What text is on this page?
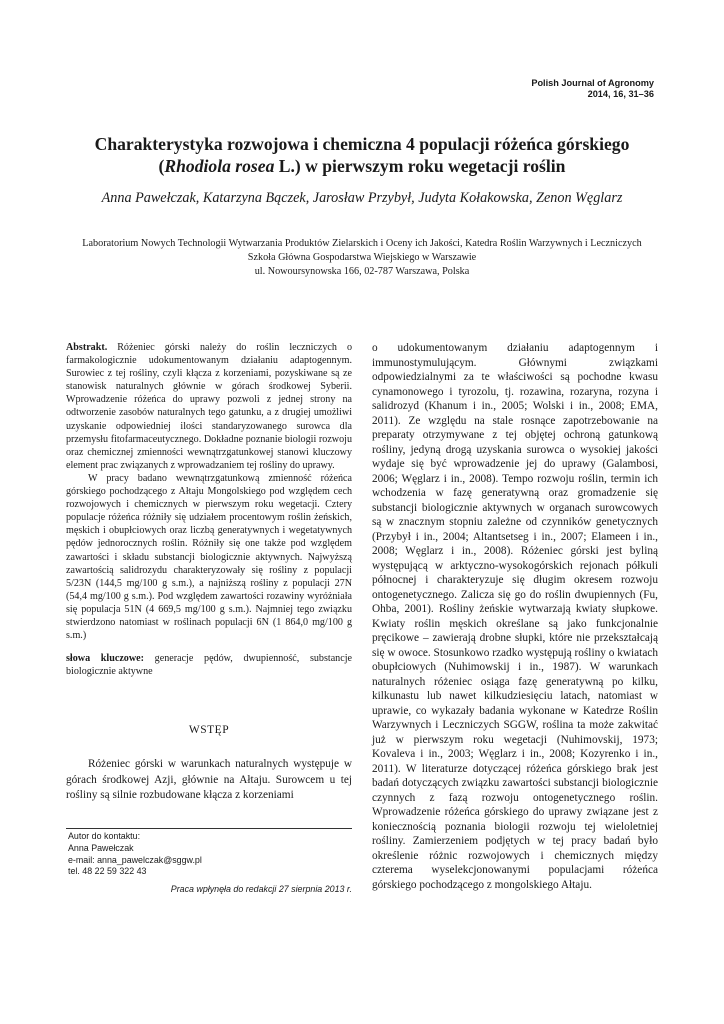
Polish Journal of Agronomy
2014, 16, 31–36
Charakterystyka rozwojowa i chemiczna 4 populacji różeńca górskiego
(Rhodiola rosea L.) w pierwszym roku wegetacji roślin
Anna Pawełczak, Katarzyna Bączek, Jarosław Przybył, Judyta Kołakowska, Zenon Węglarz
Laboratorium Nowych Technologii Wytwarzania Produktów Zielarskich i Oceny ich Jakości, Katedra Roślin Warzywnych i Leczniczych
Szkoła Główna Gospodarstwa Wiejskiego w Warszawie
ul. Nowoursynowska 166, 02-787 Warszawa, Polska

Abstrakt. Różeniec górski należy do roślin leczniczych o farmakologicznie udokumentowanym działaniu adaptogennym. Surowiec z tej rośliny, czyli kłącza z korzeniami, pozyskiwane są ze stanowisk naturalnych głównie w górach środkowej Syberii. Wprowadzenie różeńca do uprawy pozwoli z jednej strony na odtworzenie zasobów naturalnych tego gatunku, a z drugiej umożliwi uzyskanie odpowiedniej ilości standaryzowanego surowca dla przemysłu fitofarmaceutycznego. Dokładne poznanie biologii rozwoju oraz chemicznej zmienności wewnątrzgatunkowej stanowi kluczowy element prac związanych z wprowadzaniem tej rośliny do uprawy.

W pracy badano wewnątrzgatunkową zmienność różeńca górskiego pochodzącego z Ałtaju Mongolskiego pod względem cech rozwojowych i chemicznych w pierwszym roku wegetacji. Cztery populacje różeńca różniły się udziałem procentowym roślin żeńskich, męskich i obupłciowych oraz liczbą generatywnych i wegetatywnych pędów jednorocznych roślin. Różniły się one także pod względem zawartości i składu substancji biologicznie aktywnych. Najwyższą zawartością salidrozydu charakteryzowały się rośliny z populacji 5/23N (144,5 mg/100 g s.m.), a najniższą rośliny z populacji 27N (54,4 mg/100 g s.m.). Pod względem zawartości rozawiny wyróżniała się populacja 51N (4 669,5 mg/100 g s.m.). Najmniej tego związku stwierdzono natomiast w roślinach populacji 6N (1 864,0 mg/100 g s.m.)

słowa kluczowe: generacje pędów, dwupienność, substancje biologicznie aktywne

WSTĘP
Różeniec górski w warunkach naturalnych występuje w górach środkowej Azji, głównie na Ałtaju. Surowcem u tej rośliny są silnie rozbudowane kłącza z korzeniami

o udokumentowanym działaniu adaptogennym i immunostymulującym. Głównymi związkami odpowiedzialnymi za te właściwości są pochodne kwasu cynamonowego i tyrozolu, tj. rozawina, rozaryna, rozyna i salidrozyd (Khanum i in., 2005; Wolski i in., 2008; EMA, 2011). Ze względu na stale rosnące zapotrzebowanie na preparaty otrzymywane z tej objętej ochroną gatunkową rośliny, jedyną drogą uzyskania surowca o wysokiej jakości wydaje się być wprowadzenie jej do uprawy (Galambosi, 2006; Węglarz i in., 2008). Tempo rozwoju roślin, termin ich wchodzenia w fazę generatywną oraz gromadzenie się substancji biologicznie aktywnych w organach surowcowych są w znacznym stopniu zależne od czynników genetycznych (Przybył i in., 2004; Altantsetseg i in., 2007; Elameen i in., 2008; Węglarz i in., 2008). Różeniec górski jest byliną występującą w arktyczno-wysokogórskich rejonach półkuli północnej i charakteryzuje się długim okresem rozwoju ontogenetycznego. Zalicza się go do roślin dwupiennych (Fu, Ohba, 2001). Rośliny żeńskie wytwarzają kwiaty słupkowe. Kwiaty roślin męskich określane są jako funkcjonalnie pręcikowe – zawierają drobne słupki, które nie przekształcają się w owoce. Stosunkowo rzadko występują rośliny o kwiatach obupłciowych (Nuhimowskij i in., 1987). W warunkach naturalnych różeniec osiąga fazę generatywną po kilku, kilkunastu lub nawet kilkudziesięciu latach, natomiast w uprawie, co wykazały badania wykonane w Katedrze Roślin Warzywnych i Leczniczych SGGW, roślina ta może zakwitać już w pierwszym roku wegetacji (Nuhimovskij, 1973; Kovaleva i in., 2003; Węglarz i in., 2008; Kozyrenko i in., 2011). W literaturze dotyczącej różeńca górskiego brak jest badań dotyczących związku zawartości substancji biologicznie czynnych z fazą rozwoju ontogenetycznego roślin. Wprowadzenie różeńca górskiego do uprawy związane jest z koniecznością poznania biologii rozwoju tej wieloletniej rośliny. Zamierzeniem podjętych w tej pracy badań było określenie różnic rozwojowych i chemicznych między czterema wyselekcjonowanymi populacjami różeńca górskiego pochodzącego z mongolskiego Ałtaju.

Autor do kontaktu:
Anna Pawełczak
e-mail: anna_pawelczak@sggw.pl
tel. 48 22 59 322 43
Praca wpłynęła do redakcji 27 sierpnia 2013 r.
